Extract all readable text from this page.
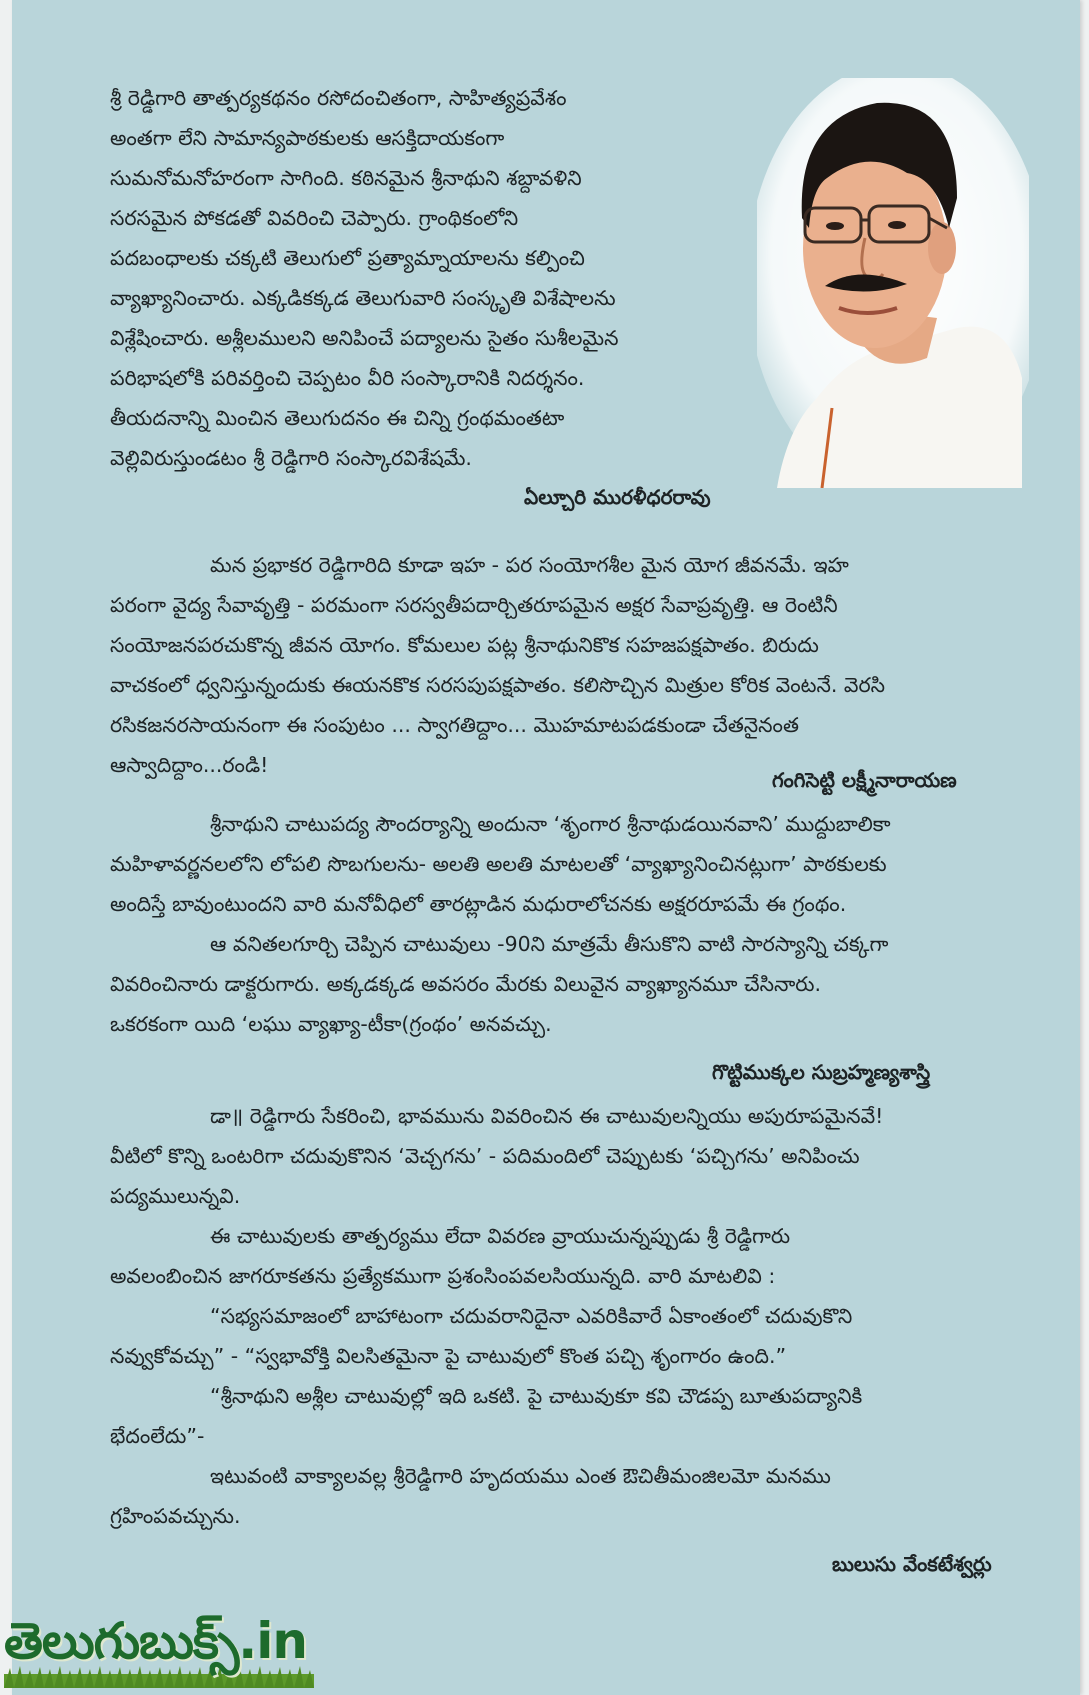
శ్రీ రెడ్డిగారి తాత్పర్యకథనం రసోదంచితంగా, సాహిత్యప్రవేశం

అంతగా లేని సామాన్యపాఠకులకు ఆసక్తిదాయకంగా

సుమనోమనోహరంగా సాగింది. కఠినమైన శ్రీనాథుని శబ్దావళిని

సరసమైన పోకడతో వివరించి చెప్పారు. గ్రాంథికంలోని

పదబంధాలకు చక్కటి తెలుగులో ప్రత్యామ్నాయాలను కల్పించి

వ్యాఖ్యానించారు. ఎక్కడికక్కడ తెలుగువారి సంస్కృతి విశేషాలను

విశ్లేషించారు. అశ్లీలములని అనిపించే పద్యాలను సైతం సుశీలమైన

పరిభాషలోకి పరివర్తించి చెప్పటం వీరి సంస్కారానికి నిదర్శనం.

తీయదనాన్ని మించిన తెలుగుదనం ఈ చిన్ని గ్రంథమంతటా

వెల్లివిరుస్తుండటం శ్రీ రెడ్డిగారి సంస్కారవిశేషమే.

ఏల్చూరి మురళీధరరావు

మన ప్రభాకర రెడ్డిగారిది కూడా ఇహ - పర సంయోగశీల మైన యోగ జీవనమే. ఇహ

పరంగా వైద్య సేవావృత్తి - పరమంగా సరస్వతీపదార్చితరూపమైన అక్షర సేవాప్రవృత్తి. ఆ రెంటినీ

సంయోజనపరచుకొన్న జీవన యోగం. కోమలుల పట్ల శ్రీనాథునికొక సహజపక్షపాతం. బిరుదు

వాచకంలో ధ్వనిస్తున్నందుకు ఈయనకొక సరసపుపక్షపాతం. కలిసొచ్చిన మిత్రుల కోరిక వెంటనే. వెరసి

రసికజనరసాయనంగా ఈ సంపుటం ... స్వాగతిద్దాం... మొహమాటపడకుండా చేతనైనంత

ఆస్వాదిద్దాం...రండి!

గంగిసెట్టి లక్ష్మీనారాయణ

శ్రీనాథుని చాటుపద్య సౌందర్యాన్ని అందునా ‘శృంగార శ్రీనాథుడయినవాని’ ముద్దుబాలికా

మహిళావర్ణనలలోని లోపలి సొబగులను- అలతి అలతి మాటలతో ‘వ్యాఖ్యానించినట్లుగా’ పాఠకులకు

అందిస్తే బావుంటుందని వారి మనోవీధిలో తారట్లాడిన మధురాలోచనకు అక్షరరూపమే ఈ గ్రంథం.

ఆ వనితలగూర్చి చెప్పిన చాటువులు -90ని మాత్రమే తీసుకొని వాటి సారస్యాన్ని చక్కగా

వివరించినారు డాక్టరుగారు. అక్కడక్కడ అవసరం మేరకు విలువైన వ్యాఖ్యానమూ చేసినారు.

ఒకరకంగా యిది ‘లఘు వ్యాఖ్యా-టీకా(గ్రంథం’ అనవచ్చు.

గొట్టిముక్కల సుబ్రహ్మణ్యశాస్త్రి

డా॥ రెడ్డిగారు సేకరించి, భావమును వివరించిన ఈ చాటువులన్నియు అపురూపమైనవే!

వీటిలో కొన్ని ఒంటరిగా చదువుకొనిన ‘వెచ్చగను’ - పదిమందిలో చెప్పుటకు ‘పచ్చిగను’ అనిపించు

పద్యములున్నవి.

ఈ చాటువులకు తాత్పర్యము లేదా వివరణ వ్రాయుచున్నప్పుడు శ్రీ రెడ్డిగారు

అవలంబించిన జాగరూకతను ప్రత్యేకముగా ప్రశంసింపవలసియున్నది. వారి మాటలివి :

“సభ్యసమాజంలో బాహాటంగా చదువరానిదైనా ఎవరికివారే ఏకాంతంలో చదువుకొని

నవ్వుకోవచ్చు” - “స్వభావోక్తి విలసితమైనా పై చాటువులో కొంత పచ్చి శృంగారం ఉంది.”

“శ్రీనాథుని అశ్లీల చాటువుల్లో ఇది ఒకటి. పై చాటువుకూ కవి చౌడప్ప బూతుపద్యానికి

భేదంలేదు”-

ఇటువంటి వాక్యాలవల్ల శ్రీరెడ్డిగారి హృదయము ఎంత ఔచితీమంజిలమో మనము

గ్రహింపవచ్చును.

బులుసు వేంకటేశ్వర్లు
తెలుగుబుక్స్.in
